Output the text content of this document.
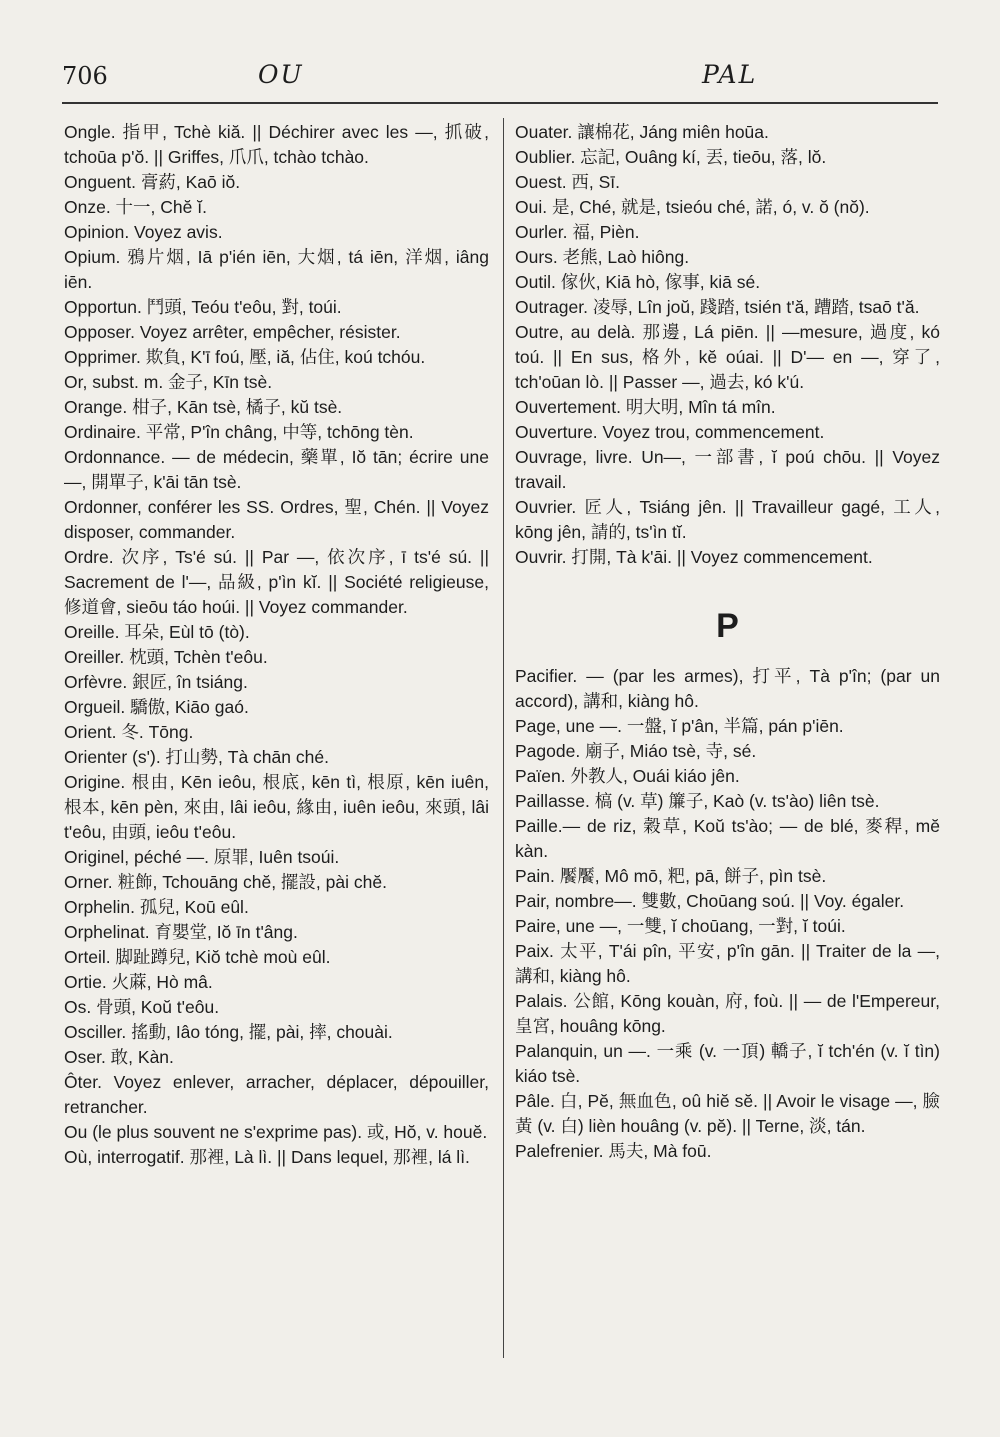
706	OU	PAL

Ongle. 指甲, Tchè kiă. || Déchirer avec les —, 抓破, tchoūa p'ŏ. || Griffes, 爪爪, tchào tchào.

Onguent. 膏葯, Kaō iŏ.

Onze. 十一, Chĕ ĭ.

Opinion. Voyez avis.

Opium. 鴉片烟, Iā p'ién iēn, 大烟, tá iēn, 洋烟, iâng iēn.

Opportun. 鬥頭, Teóu t'eôu, 對, toúi.

Opposer. Voyez arrêter, empêcher, résister.

Opprimer. 欺負, K'ī foú, 壓, iă, 佔住, koú tchóu.

Or, subst. m. 金子, Kīn tsè.

Orange. 柑子, Kān tsè, 橘子, kŭ tsè.

Ordinaire. 平常, P'în châng, 中等, tchōng tèn.

Ordonnance. — de médecin, 藥單, Iŏ tān; écrire une —, 開單子, k'āi tān tsè.

Ordonner, conférer les SS. Ordres, 聖, Chén. || Voyez disposer, commander.

Ordre. 次序, Ts'é sú. || Par —, 依次序, ī ts'é sú. || Sacrement de l'—, 品級, p'ìn kĭ. || Société religieuse, 修道會, sieōu táo hoúi. || Voyez commander.

Oreille. 耳朵, Eùl tō (tò).

Oreiller. 枕頭, Tchèn t'eôu.

Orfèvre. 銀匠, în tsiáng.

Orgueil. 驕傲, Kiāo gaó.

Orient. 冬. Tōng.

Orienter (s'). 打山勢, Tà chān ché.

Origine. 根由, Kēn ieôu, 根底, kēn tì, 根原, kēn iuên, 根本, kēn pèn, 來由, lâi ieôu, 緣由, iuên ieôu, 來頭, lâi t'eôu, 由頭, ieôu t'eôu.

Originel, péché —. 原罪, Iuên tsoúi.

Orner. 粧飾, Tchouāng chĕ, 擺設, pài chĕ.

Orphelin. 孤兒, Koū eûl.

Orphelinat. 育嬰堂, Iŏ īn t'âng.

Orteil. 脚趾蹲兒, Kiŏ tchè moù eûl.

Ortie. 火蔴, Hò mâ.

Os. 骨頭, Koŭ t'eôu.

Osciller. 搖動, Iâo tóng, 擺, pài, 摔, chouài.

Oser. 敢, Kàn.

Ôter. Voyez enlever, arracher, déplacer, dépouiller, retrancher.

Ou (le plus souvent ne s'exprime pas). 或, Hŏ, v. houĕ.

Où, interrogatif. 那裡, Là lì. || Dans lequel, 那裡, lá lì.

Ouater. 讓棉花, Jáng miên hoūa.

Oublier. 忘記, Ouâng kí, 丟, tieōu, 落, lŏ.

Ouest. 西, Sī.

Oui. 是, Ché, 就是, tsieóu ché, 諾, ó, v. ŏ (nŏ).

Ourler. 福, Pièn.

Ours. 老熊, Laò hiông.

Outil. 傢伙, Kiā hò, 傢事, kiā sé.

Outrager. 凌辱, Lîn joŭ, 踐踏, tsién t'ă, 蹧踏, tsaō t'ă.

Outre, au delà. 那邊, Lá piēn. || —mesure, 過度, kó toú. || En sus, 格外, kĕ oúai. || D'— en —, 穿了, tch'oūan lò. || Passer —, 過去, kó k'ú.

Ouvertement. 明大明, Mîn tá mîn.

Ouverture. Voyez trou, commencement.

Ouvrage, livre. Un—, 一部書, ĭ poú chōu. || Voyez travail.

Ouvrier. 匠人, Tsiáng jên. || Travailleur gagé, 工人, kōng jên, 請的, ts'ìn tĭ.

Ouvrir. 打開, Tà k'āi. || Voyez commencement.

P

Pacifier. — (par les armes), 打平, Tà p'în; (par un accord), 講和, kiàng hô.

Page, une —. 一盤, ĭ p'ân, 半篇, pán p'iēn.

Pagode. 廟子, Miáo tsè, 寺, sé.

Païen. 外教人, Ouái kiáo jên.

Paillasse. 槁 (v. 草) 簾子, Kaò (v. ts'ào) liên tsè.

Paille.— de riz, 穀草, Koŭ ts'ào; — de blé, 麥稈, mĕ kàn.

Pain. 饜饜, Mô mō, 粑, pā, 餅子, pìn tsè.

Pair, nombre—. 雙數, Choūang soú. || Voy. égaler.

Paire, une —, 一雙, ĭ choūang, 一對, ĭ toúi.

Paix. 太平, T'ái pîn, 平安, p'în gān. || Traiter de la —, 講和, kiàng hô.

Palais. 公館, Kōng kouàn, 府, foù. || — de l'Empereur, 皇宮, houâng kōng.

Palanquin, un —. 一乘 (v. 一頂) 轎子, ĭ tch'én (v. ĭ tìn) kiáo tsè.

Pâle. 白, Pĕ, 無血色, oû hiĕ sĕ. || Avoir le visage —, 臉黃 (v. 白) lièn houâng (v. pĕ). || Terne, 淡, tán.

Palefrenier. 馬夫, Mà foū.
